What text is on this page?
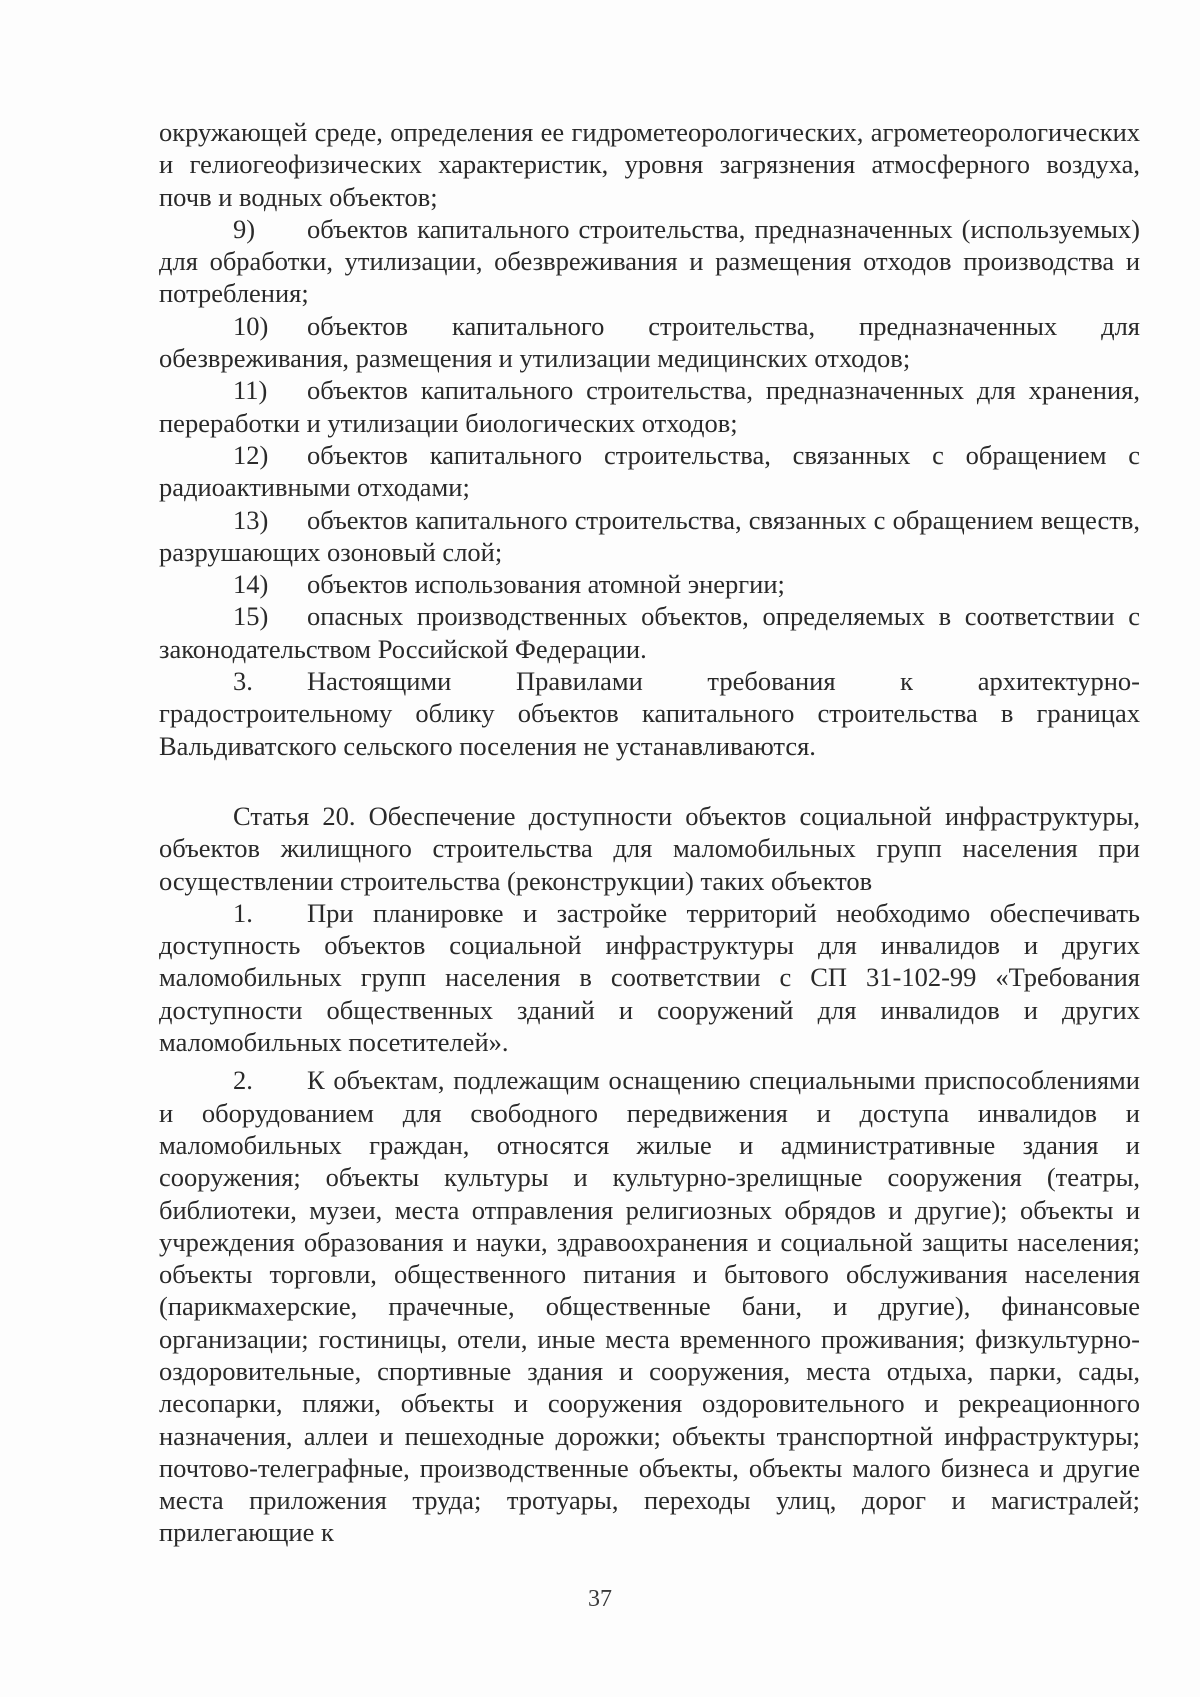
окружающей среде, определения ее гидрометеорологических, агрометеорологических и гелиогеофизических характеристик, уровня загрязнения атмосферного воздуха, почв и водных объектов;

9) объектов капитального строительства, предназначенных (используемых) для обработки, утилизации, обезвреживания и размещения отходов производства и потребления;

10) объектов капитального строительства, предназначенных для обезвреживания, размещения и утилизации медицинских отходов;

11) объектов капитального строительства, предназначенных для хранения, переработки и утилизации биологических отходов;

12) объектов капитального строительства, связанных с обращением с радиоактивными отходами;

13) объектов капитального строительства, связанных с обращением веществ, разрушающих озоновый слой;

14) объектов использования атомной энергии;

15) опасных производственных объектов, определяемых в соответствии с законодательством Российской Федерации.

3. Настоящими Правилами требования к архитектурно-градостроительному облику объектов капитального строительства в границах Вальдиватского сельского поселения не устанавливаются.

Статья 20. Обеспечение доступности объектов социальной инфраструктуры, объектов жилищного строительства для маломобильных групп населения при осуществлении строительства (реконструкции) таких объектов

1. При планировке и застройке территорий необходимо обеспечивать доступность объектов социальной инфраструктуры для инвалидов и других маломобильных групп населения в соответствии с СП 31-102-99 «Требования доступности общественных зданий и сооружений для инвалидов и других маломобильных посетителей».

2. К объектам, подлежащим оснащению специальными приспособлениями и оборудованием для свободного передвижения и доступа инвалидов и маломобильных граждан, относятся жилые и административные здания и сооружения; объекты культуры и культурно-зрелищные сооружения (театры, библиотеки, музеи, места отправления религиозных обрядов и другие); объекты и учреждения образования и науки, здравоохранения и социальной защиты населения; объекты торговли, общественного питания и бытового обслуживания населения (парикмахерские, прачечные, общественные бани, и другие), финансовые организации; гостиницы, отели, иные места временного проживания; физкультурно-оздоровительные, спортивные здания и сооружения, места отдыха, парки, сады, лесопарки, пляжи, объекты и сооружения оздоровительного и рекреационного назначения, аллеи и пешеходные дорожки; объекты транспортной инфраструктуры; почтово-телеграфные, производственные объекты, объекты малого бизнеса и другие места приложения труда; тротуары, переходы улиц, дорог и магистралей; прилегающие к

37
